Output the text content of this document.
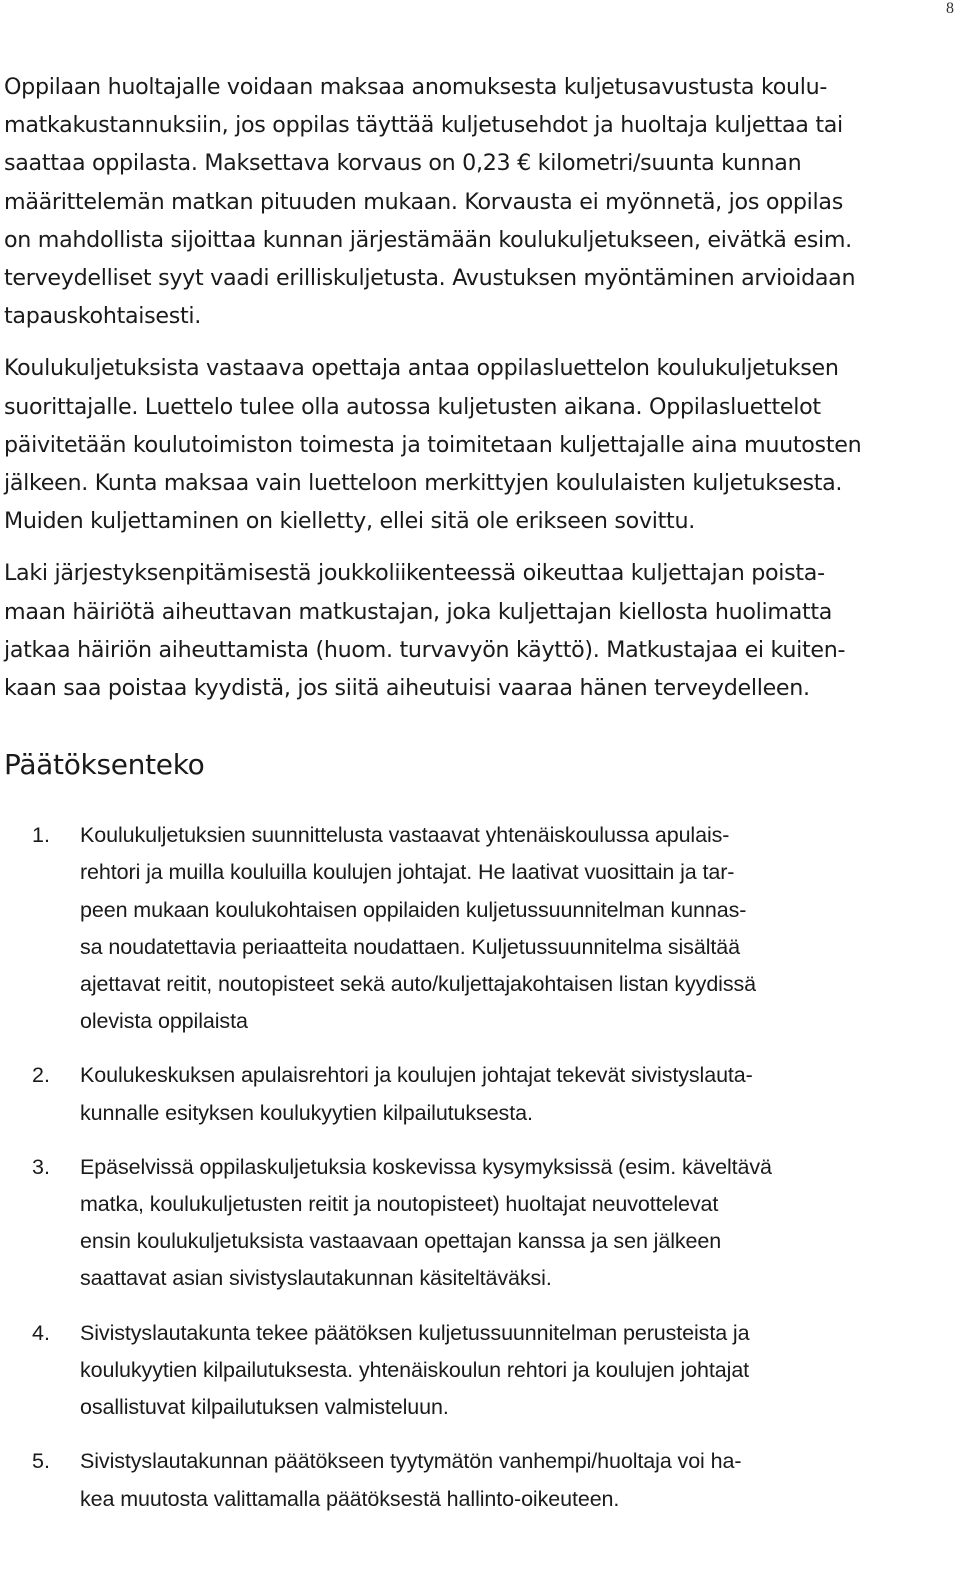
8

Oppilaan huoltajalle voidaan maksaa anomuksesta kuljetusavustusta koulu-
matkakustannuksiin, jos oppilas täyttää kuljetusehdot ja huoltaja kuljettaa tai
saattaa oppilasta. Maksettava korvaus on 0,23 € kilometri/suunta kunnan
määrittelemän matkan pituuden mukaan. Korvausta ei myönnetä, jos oppilas
on mahdollista sijoittaa kunnan järjestämään koulukuljetukseen, eivätkä esim.
terveydelliset syyt vaadi erilliskuljetusta. Avustuksen myöntäminen arvioidaan
tapauskohtaisesti.

Koulukuljetuksista vastaava opettaja antaa oppilasluettelon koulukuljetuksen
suorittajalle. Luettelo tulee olla autossa kuljetusten aikana. Oppilasluettelot
päivitetään koulutoimiston toimesta ja toimitetaan kuljettajalle aina muutosten
jälkeen. Kunta maksaa vain luetteloon merkittyjen koululaisten kuljetuksesta.
Muiden kuljettaminen on kielletty, ellei sitä ole erikseen sovittu.

Laki järjestyksenpitämisestä joukkoliikenteessä oikeuttaa kuljettajan poista-
maan häiriötä aiheuttavan matkustajan, joka kuljettajan kiellosta huolimatta
jatkaa häiriön aiheuttamista (huom. turvavyön käyttö). Matkustajaa ei kuiten-
kaan saa poistaa kyydistä, jos siitä aiheutuisi vaaraa hänen terveydelleen.

Päätöksenteko
1.	Koulukuljetuksien suunnittelusta vastaavat yhtenäiskoulussa apulais-
rehtori ja muilla kouluilla koulujen johtajat. He laativat vuosittain ja tar-
peen mukaan koulukohtaisen oppilaiden kuljetussuunnitelman kunnas-
sa noudatettavia periaatteita noudattaen. Kuljetussuunnitelma sisältää
ajettavat reitit, noutopisteet sekä auto/kuljettajakohtaisen listan kyydissä
olevista oppilaista
2.	Koulukeskuksen apulaisrehtori ja koulujen johtajat tekevät sivistyslauta-
kunnalle esityksen koulukyytien kilpailutuksesta.
3.	Epäselvissä oppilaskuljetuksia koskevissa kysymyksissä (esim. käveltävä
matka, koulukuljetusten reitit ja noutopisteet) huoltajat neuvottelevat
ensin koulukuljetuksista vastaavaan opettajan kanssa ja sen jälkeen
saattavat asian sivistyslautakunnan käsiteltäväksi.
4.	Sivistyslautakunta tekee päätöksen kuljetussuunnitelman perusteista ja
koulukyytien kilpailutuksesta. yhtenäiskoulun rehtori ja koulujen johtajat
osallistuvat kilpailutuksen valmisteluun.
5.	Sivistyslautakunnan päätökseen tyytymätön vanhempi/huoltaja voi ha-
kea muutosta valittamalla päätöksestä hallinto-oikeuteen.
